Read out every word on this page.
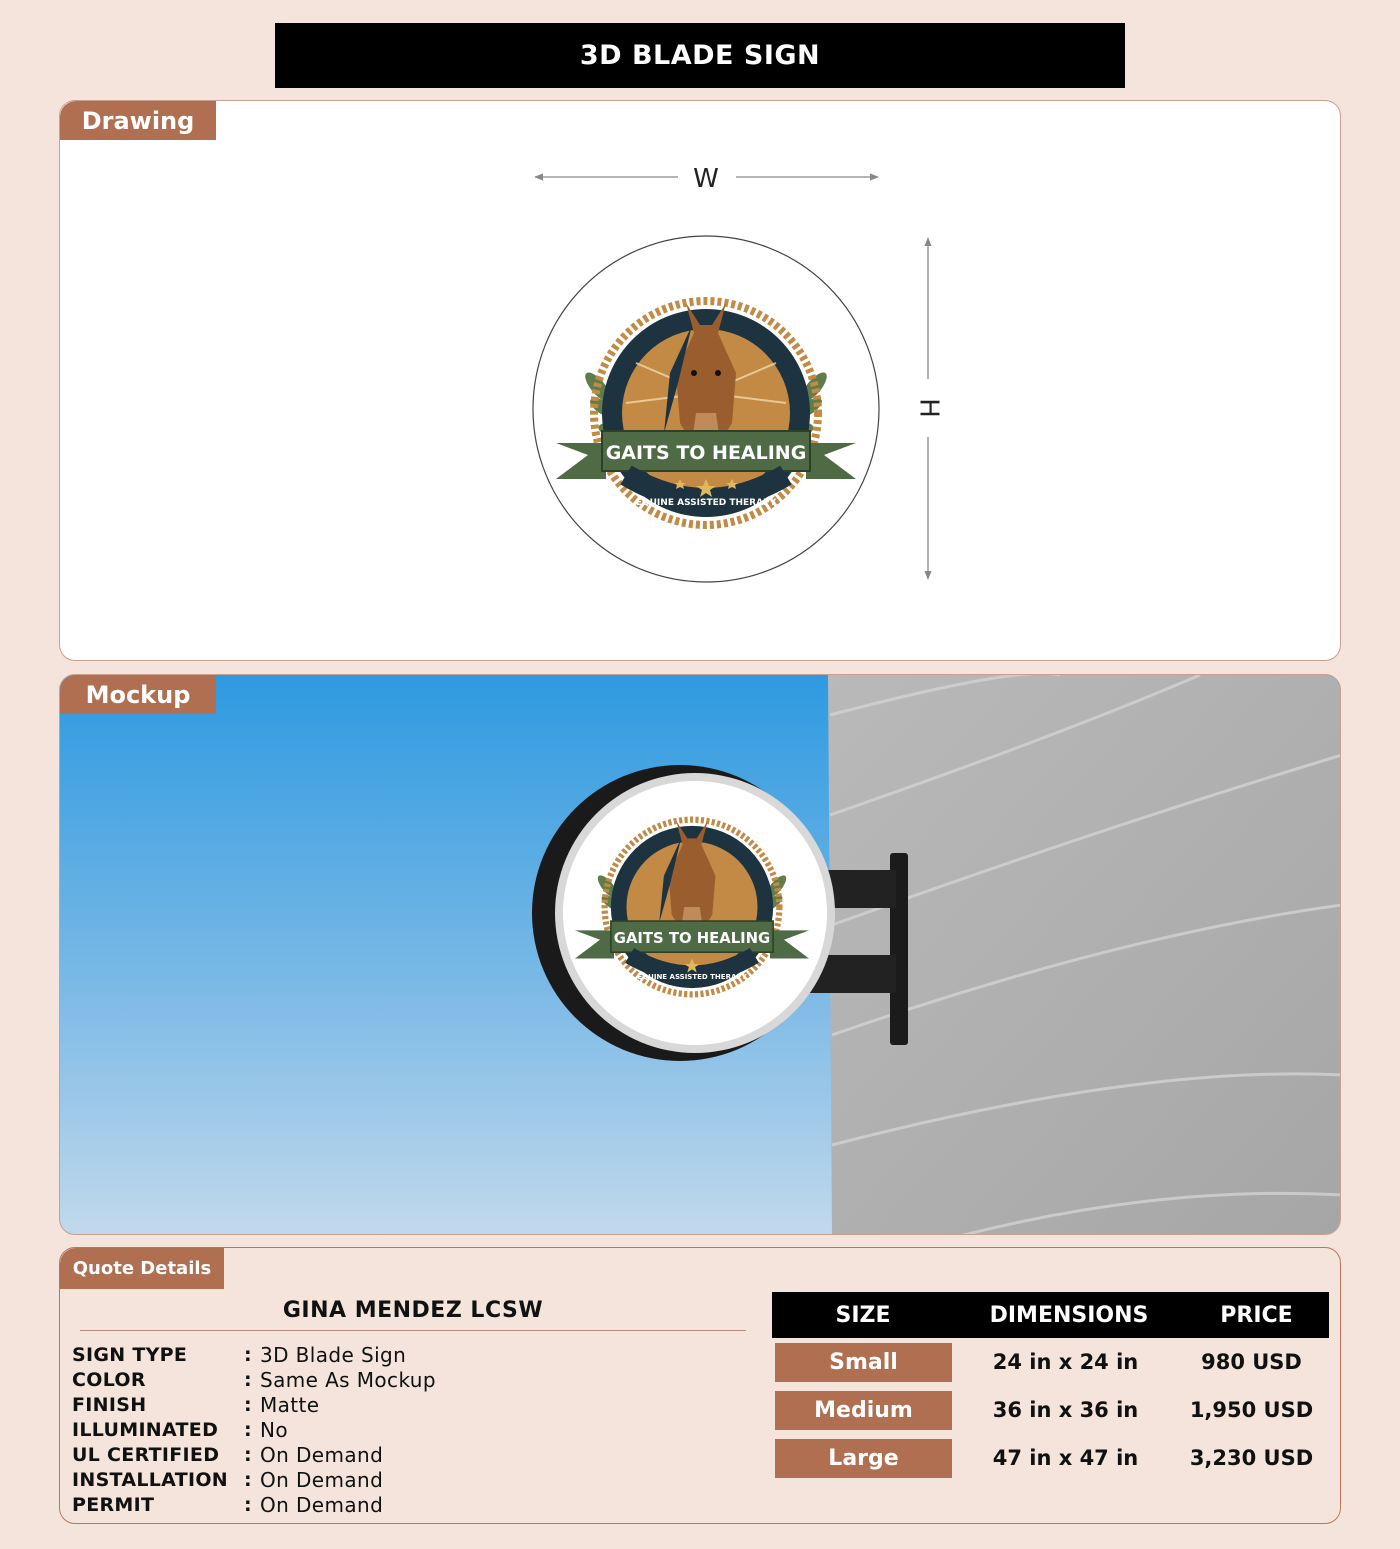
3D BLADE SIGN
Drawing
W
H
GAITS TO HEALING
EQUINE ASSISTED THERAPY
Mockup
GAITS TO HEALING
EQUINE ASSISTED THERAPY
Quote Details
GINA MENDEZ LCSW
SIGN TYPE	: 3D Blade Sign
COLOR	: Same As Mockup
FINISH	: Matte
ILLUMINATED	: No
UL CERTIFIED	: On Demand
INSTALLATION : On Demand
PERMIT	: On Demand
SIZE	DIMENSIONS	PRICE
Small	24 in x 24 in	980 USD
Medium	36 in x 36 in	1,950 USD
Large	47 in x 47 in	3,230 USD
